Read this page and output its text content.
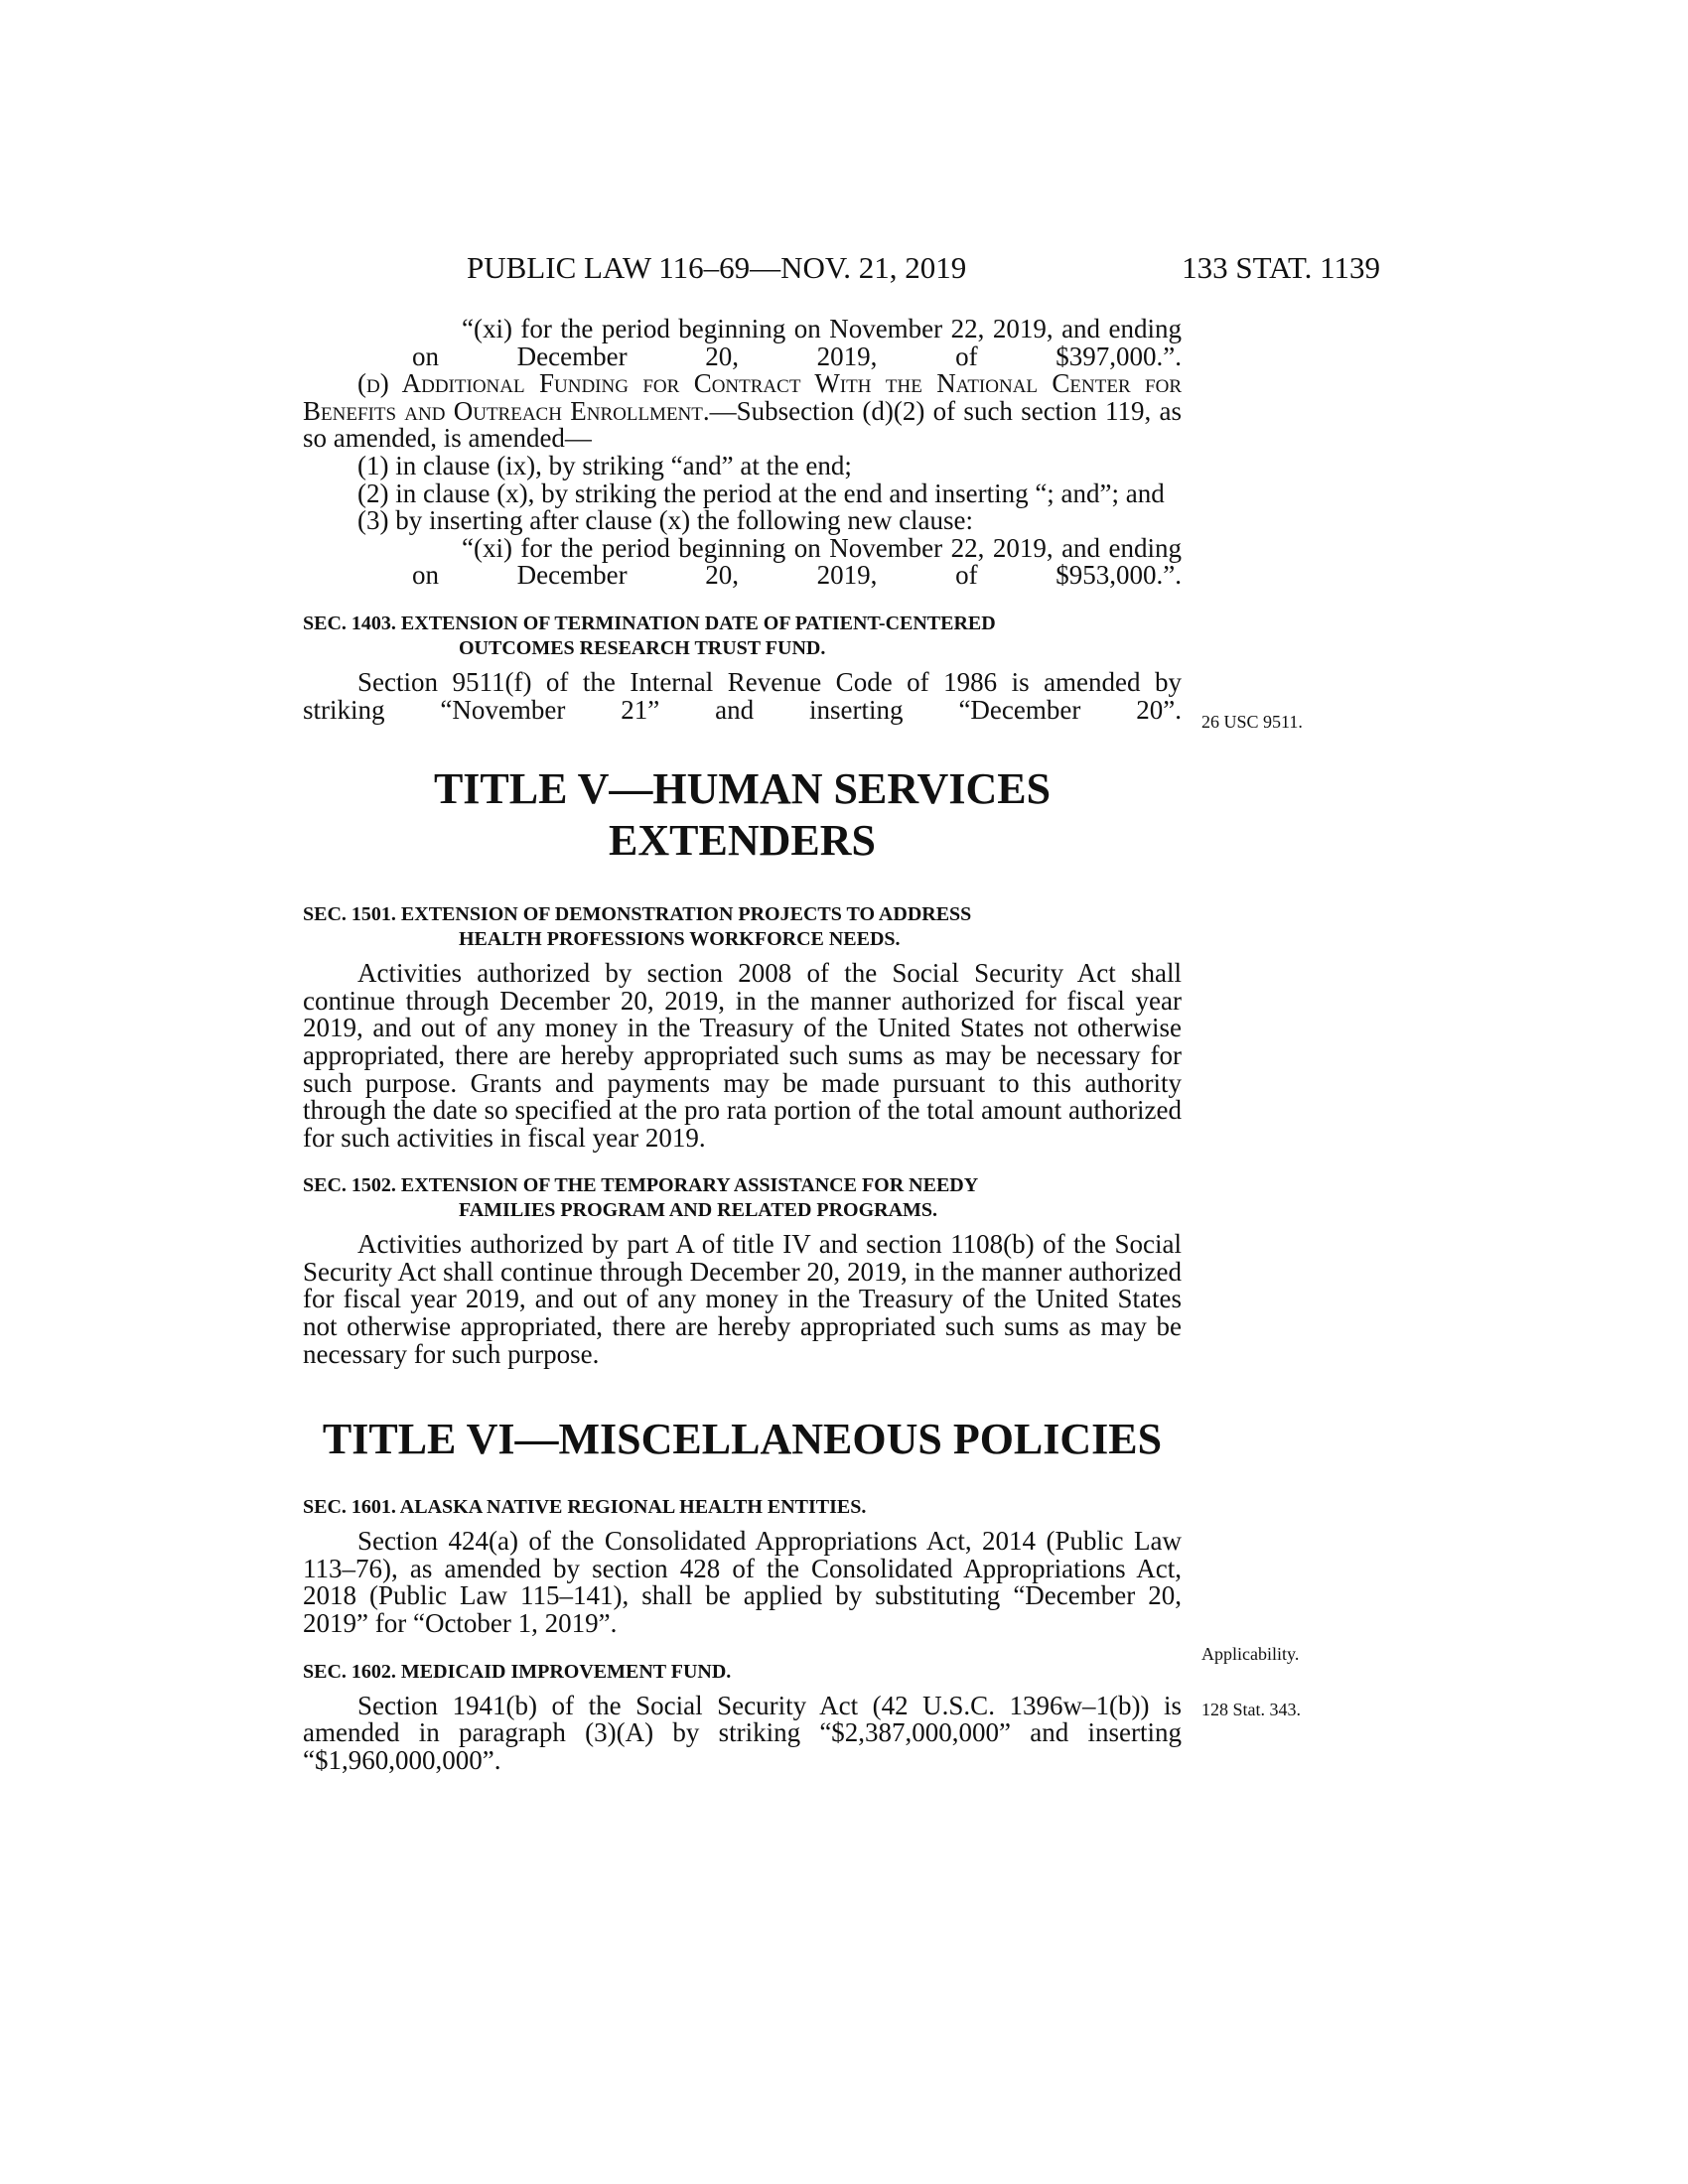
PUBLIC LAW 116–69—NOV. 21, 2019	133 STAT. 1139

“(xi) for the period beginning on November 22, 2019, and ending on December 20, 2019, of $397,000.”.

(d) Additional Funding for Contract With the National Center for Benefits and Outreach Enrollment.—Subsection (d)(2) of such section 119, as so amended, is amended—

(1) in clause (ix), by striking “and” at the end;

(2) in clause (x), by striking the period at the end and inserting “; and”; and

(3) by inserting after clause (x) the following new clause:

“(xi) for the period beginning on November 22, 2019, and ending on December 20, 2019, of $953,000.”.

SEC. 1403. EXTENSION OF TERMINATION DATE OF PATIENT-CENTERED
OUTCOMES RESEARCH TRUST FUND.

Section 9511(f) of the Internal Revenue Code of 1986 is amended by striking “November 21” and inserting “December 20”.

TITLE V—HUMAN SERVICES
EXTENDERS
SEC. 1501. EXTENSION OF DEMONSTRATION PROJECTS TO ADDRESS
HEALTH PROFESSIONS WORKFORCE NEEDS.

Activities authorized by section 2008 of the Social Security Act shall continue through December 20, 2019, in the manner authorized for fiscal year 2019, and out of any money in the Treasury of the United States not otherwise appropriated, there are hereby appropriated such sums as may be necessary for such purpose. Grants and payments may be made pursuant to this authority through the date so specified at the pro rata portion of the total amount authorized for such activities in fiscal year 2019.

SEC. 1502. EXTENSION OF THE TEMPORARY ASSISTANCE FOR NEEDY
FAMILIES PROGRAM AND RELATED PROGRAMS.

Activities authorized by part A of title IV and section 1108(b) of the Social Security Act shall continue through December 20, 2019, in the manner authorized for fiscal year 2019, and out of any money in the Treasury of the United States not otherwise appropriated, there are hereby appropriated such sums as may be necessary for such purpose.

TITLE VI—MISCELLANEOUS POLICIES
SEC. 1601. ALASKA NATIVE REGIONAL HEALTH ENTITIES.

Section 424(a) of the Consolidated Appropriations Act, 2014 (Public Law 113–76), as amended by section 428 of the Consolidated Appropriations Act, 2018 (Public Law 115–141), shall be applied by substituting “December 20, 2019” for “October 1, 2019”.

SEC. 1602. MEDICAID IMPROVEMENT FUND.

Section 1941(b) of the Social Security Act (42 U.S.C. 1396w–1(b)) is amended in paragraph (3)(A) by striking “$2,387,000,000” and inserting “$1,960,000,000”.

26 USC 9511.
Applicability.
128 Stat. 343.
